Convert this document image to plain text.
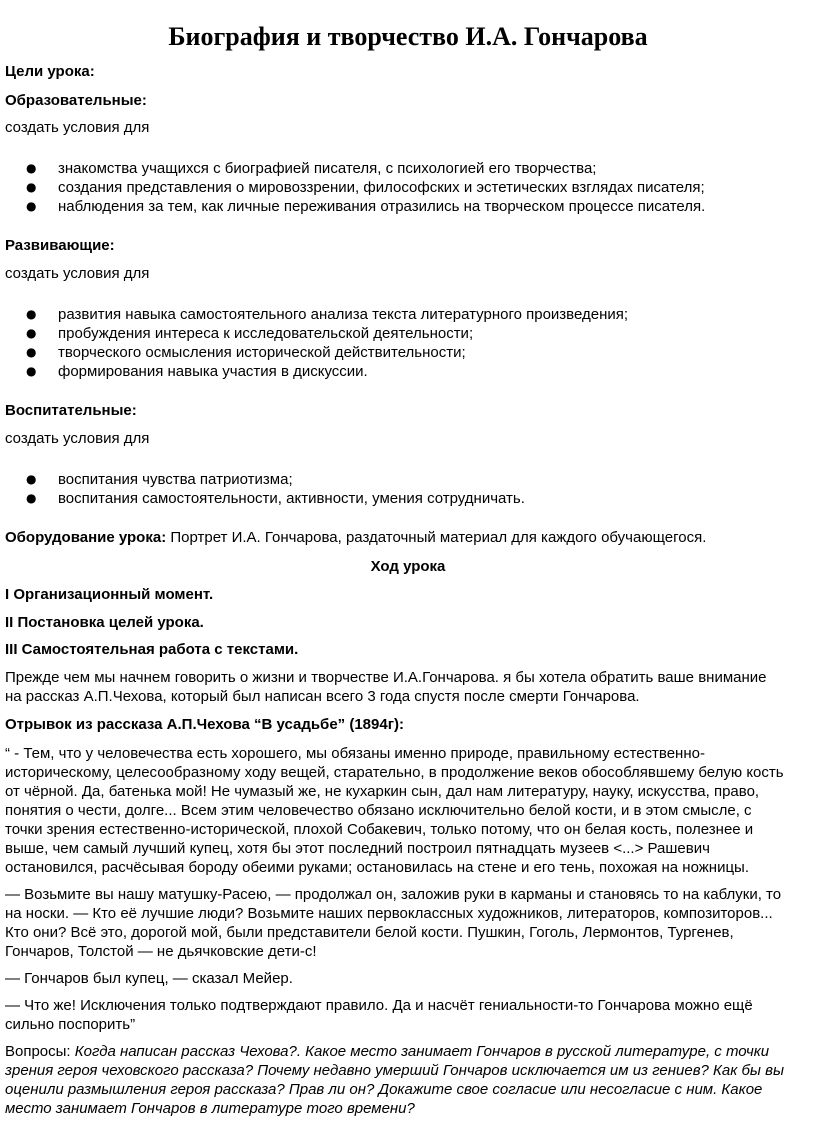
Биография и творчество И.А. Гончарова
Цели урока:
Образовательные:
создать условия для
● знакомства учащихся с биографией писателя, с психологией его творчества;
● создания представления о мировоззрении, философских и эстетических взглядах писателя;
● наблюдения за тем, как личные переживания отразились на творческом процессе писателя.
Развивающие:
создать условия для
● развития навыка самостоятельного анализа текста литературного произведения;
● пробуждения интереса к исследовательской деятельности;
● творческого осмысления исторической действительности;
● формирования навыка участия в дискуссии.
Воспитательные:
создать условия для
● воспитания чувства патриотизма;
● воспитания самостоятельности, активности, умения сотрудничать.
Оборудование урока: Портрет И.А. Гончарова, раздаточный материал для каждого обучающегося.
Ход урока
I Организационный момент.
II Постановка целей урока.
III Самостоятельная работа с текстами.
Прежде чем мы начнем говорить о жизни и творчестве И.А.Гончарова. я бы хотела обратить ваше внимание
на рассказ А.П.Чехова, который был написан всего 3 года спустя после смерти Гончарова.
Отрывок из рассказа А.П.Чехова “В усадьбе” (1894г):
“ - Тем, что у человечества есть хорошего, мы обязаны именно природе, правильному естественно-
историческому, целесообразному ходу вещей, старательно, в продолжение веков обособлявшему белую кость
от чёрной. Да, батенька мой! Не чумазый же, не кухаркин сын, дал нам литературу, науку, искусства, право,
понятия о чести, долге... Всем этим человечество обязано исключительно белой кости, и в этом смысле, с
точки зрения естественно-исторической, плохой Собакевич, только потому, что он белая кость, полезнее и
выше, чем самый лучший купец, хотя бы этот последний построил пятнадцать музеев <...> Рашевич
остановился, расчёсывая бороду обеими руками; остановилась на стене и его тень, похожая на ножницы.
— Возьмите вы нашу матушку-Расею, — продолжал он, заложив руки в карманы и становясь то на каблуки, то
на носки. — Кто её лучшие люди? Возьмите наших первоклассных художников, литераторов, композиторов...
Кто они? Всё это, дорогой мой, были представители белой кости. Пушкин, Гоголь, Лермонтов, Тургенев,
Гончаров, Толстой — не дьячковские дети-с!
— Гончаров был купец, — сказал Мейер.
— Что же! Исключения только подтверждают правило. Да и насчёт гениальности-то Гончарова можно ещё
сильно поспорить”
Вопросы: Когда написан рассказ Чехова?. Какое место занимает Гончаров в русской литературе, с точки
зрения героя чеховского рассказа? Почему недавно умерший Гончаров исключается им из гениев? Как бы вы
оценили размышления героя рассказа? Прав ли он? Докажите свое согласие или несогласие с ним. Какое
место занимает Гончаров в литературе того времени?
